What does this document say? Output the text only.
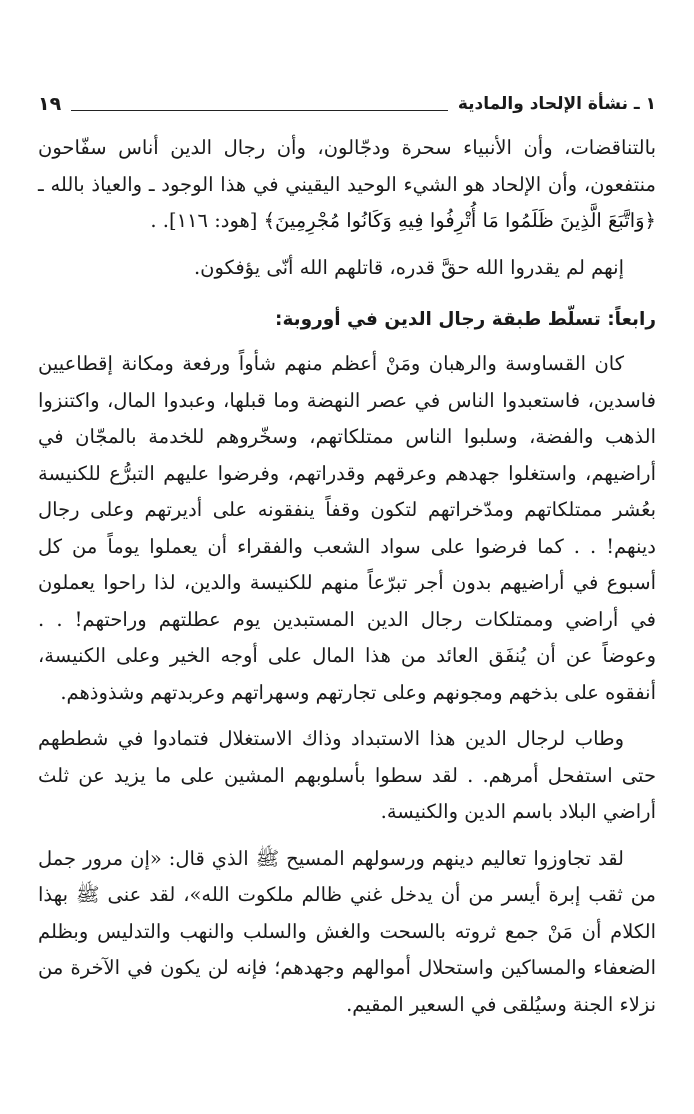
١ ـ نشأة الإلحاد والمادية
١٩

بالتناقضات، وأن الأنبياء سحرة ودجّالون، وأن رجال الدين أناس سفّاحون منتفعون، وأن الإلحاد هو الشيء الوحيد اليقيني في هذا الوجود ـ والعياذ بالله ـ ﴿وَاتَّبَعَ الَّذِينَ ظَلَمُوا مَا أُتْرِفُوا فِيهِ وَكَانُوا مُجْرِمِينَ﴾ [هود: ١١٦]. .

إنهم لم يقدروا الله حقَّ قدره، قاتلهم الله أنّى يؤفكون.

رابعاً: تسلّط طبقة رجال الدين في أوروبة:

كان القساوسة والرهبان ومَنْ أعظم منهم شأواً ورفعة ومكانة إقطاعيين فاسدين، فاستعبدوا الناس في عصر النهضة وما قبلها، وعبدوا المال، واكتنزوا الذهب والفضة، وسلبوا الناس ممتلكاتهم، وسخّروهم للخدمة بالمجّان في أراضيهم، واستغلوا جهدهم وعرقهم وقدراتهم، وفرضوا عليهم التبرُّع للكنيسة بعُشر ممتلكاتهم ومدّخراتهم لتكون وقفاً ينفقونه على أديرتهم وعلى رجال دينهم! . . كما فرضوا على سواد الشعب والفقراء أن يعملوا يوماً من كل أسبوع في أراضيهم بدون أجر تبرّعاً منهم للكنيسة والدين، لذا راحوا يعملون في أراضي وممتلكات رجال الدين المستبدين يوم عطلتهم وراحتهم! . . وعوضاً عن أن يُنفَق العائد من هذا المال على أوجه الخير وعلى الكنيسة، أنفقوه على بذخهم ومجونهم وعلى تجارتهم وسهراتهم وعربدتهم وشذوذهم.

وطاب لرجال الدين هذا الاستبداد وذاك الاستغلال فتمادوا في شططهم حتى استفحل أمرهم. . لقد سطوا بأسلوبهم المشين على ما يزيد عن ثلث أراضي البلاد باسم الدين والكنيسة.

لقد تجاوزوا تعاليم دينهم ورسولهم المسيح ﷺ الذي قال: «إن مرور جمل من ثقب إبرة أيسر من أن يدخل غني ظالم ملكوت الله»، لقد عنى ﷺ بهذا الكلام أن مَنْ جمع ثروته بالسحت والغش والسلب والنهب والتدليس وبظلم الضعفاء والمساكين واستحلال أموالهم وجهدهم؛ فإنه لن يكون في الآخرة من نزلاء الجنة وسيُلقى في السعير المقيم.
